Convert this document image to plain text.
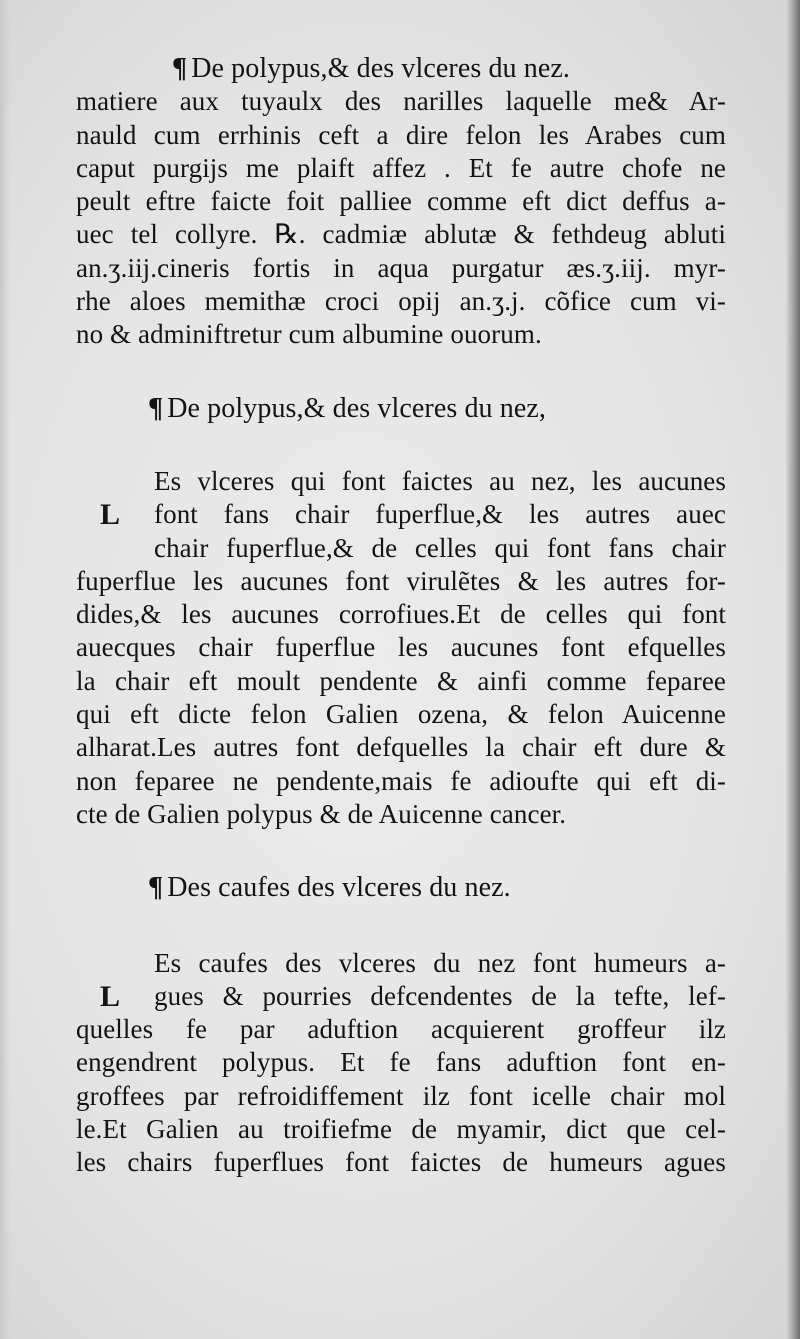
¶ De polypus,& des vlceres du nez.
matiere aux tuyaulx des narilles laquelle me& Ar-
nauld cum errhinis ceft a dire felon les Arabes cum
caput purgijs me plaift affez . Et fe autre chofe ne
peult eftre faicte foit palliee comme eft dict deffus a-
uec tel collyre. ℞. cadmiæ ablutæ & fethdeug abluti
an.ʒ.iij.cineris fortis in aqua purgatur æs.ʒ.iij. myr-
rhe aloes memithæ croci opij an.ʒ.j. cõfice cum vi-
no & adminiftretur cum albumine ouorum.
¶ De polypus,& des vlceres du nez,
L
Es vlceres qui font faictes au nez, les aucunes
font fans chair fuperflue,& les autres auec
chair fuperflue,& de celles qui font fans chair
fuperflue les aucunes font virulẽtes & les autres for-
dides,& les aucunes corrofiues.Et de celles qui font
auecques chair fuperflue les aucunes font efquelles
la chair eft moult pendente & ainfi comme feparee
qui eft dicte felon Galien ozena, & felon Auicenne
alharat.Les autres font defquelles la chair eft dure &
non feparee ne pendente,mais fe adioufte qui eft di-
cte de Galien polypus & de Auicenne cancer.
¶ Des caufes des vlceres du nez.
L
Es caufes des vlceres du nez font humeurs a-
gues & pourries defcendentes de la tefte, lef-
quelles fe par aduftion acquierent groffeur ilz
engendrent polypus. Et fe fans aduftion font en-
groffees par refroidiffement ilz font icelle chair mol
le.Et Galien au troifiefme de myamir, dict que cel-
les chairs fuperflues font faictes de humeurs agues
